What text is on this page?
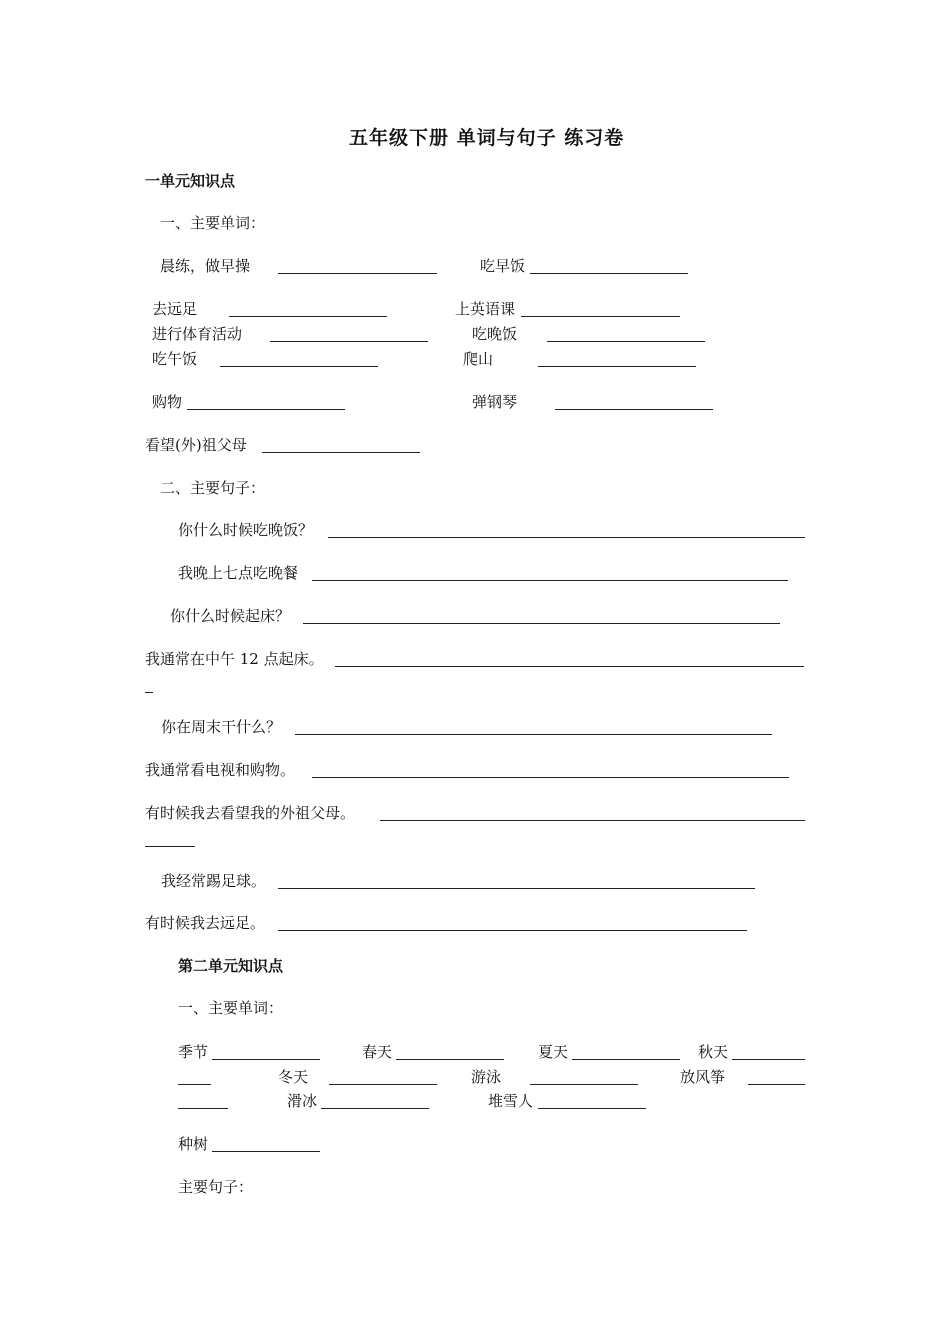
五年级下册 单词与句子 练习卷
一单元知识点
一、主要单词：
晨练，做早操	吃早饭
去远足	上英语课
进行体育活动	吃晚饭
吃午饭	爬山
购物	弹钢琴
看望(外)祖父母
二、主要句子：
你什么时候吃晚饭？
我晚上七点吃晚餐
你什么时候起床？
我通常在中午 12 点起床。
你在周末干什么？
我通常看电视和购物。
有时候我去看望我的外祖父母。
我经常踢足球。
有时候我去远足。
第二单元知识点
一、主要单词：
季节	春天	夏天	秋天
冬天	游泳	放风筝
滑冰	堆雪人
种树
主要句子：
